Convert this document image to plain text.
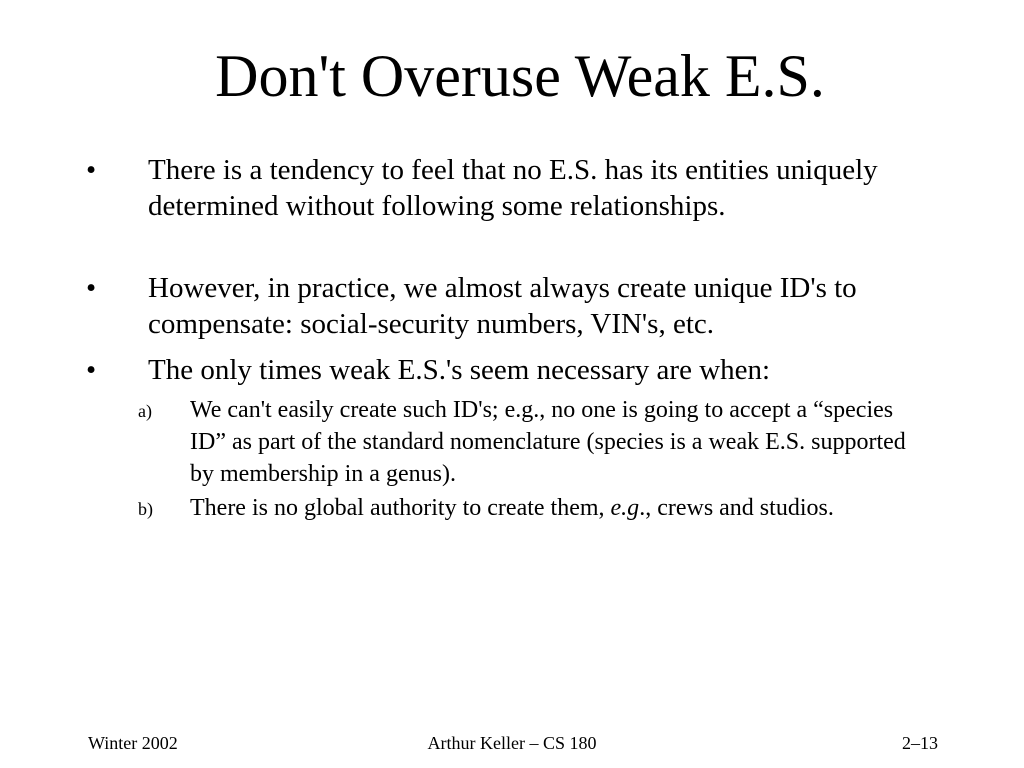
Don't Overuse Weak E.S.
• There is a tendency to feel that no E.S. has its entities uniquely determined without following some relationships.
• However, in practice, we almost always create unique ID's to compensate: social-security numbers, VIN's, etc.
• The only times weak E.S.'s seem necessary are when:
a) We can't easily create such ID's; e.g., no one is going to accept a “species ID” as part of the standard nomenclature (species is a weak E.S. supported by membership in a genus).
b) There is no global authority to create them, e.g., crews and studios.
Winter 2002	Arthur Keller – CS 180	2–13
